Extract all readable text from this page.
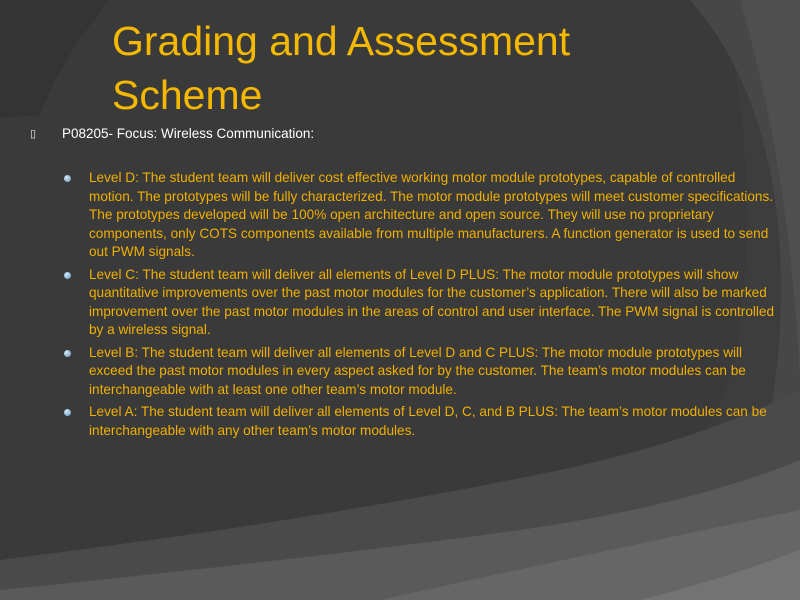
Grading and Assessment Scheme
▯ P08205- Focus: Wireless Communication:
Level D: The student team will deliver cost effective working motor module prototypes, capable of controlled motion. The prototypes will be fully characterized. The motor module prototypes will meet customer specifications. The prototypes developed will be 100% open architecture and open source. They will use no proprietary components, only COTS components available from multiple manufacturers. A function generator is used to send out PWM signals.
Level C: The student team will deliver all elements of Level D PLUS: The motor module prototypes will show quantitative improvements over the past motor modules for the customer’s application. There will also be marked improvement over the past motor modules in the areas of control and user interface. The PWM signal is controlled by a wireless signal.
Level B: The student team will deliver all elements of Level D and C PLUS: The motor module prototypes will exceed the past motor modules in every aspect asked for by the customer. The team’s motor modules can be interchangeable with at least one other team’s motor module.
Level A: The student team will deliver all elements of Level D, C, and B PLUS: The team’s motor modules can be interchangeable with any other team’s motor modules.
